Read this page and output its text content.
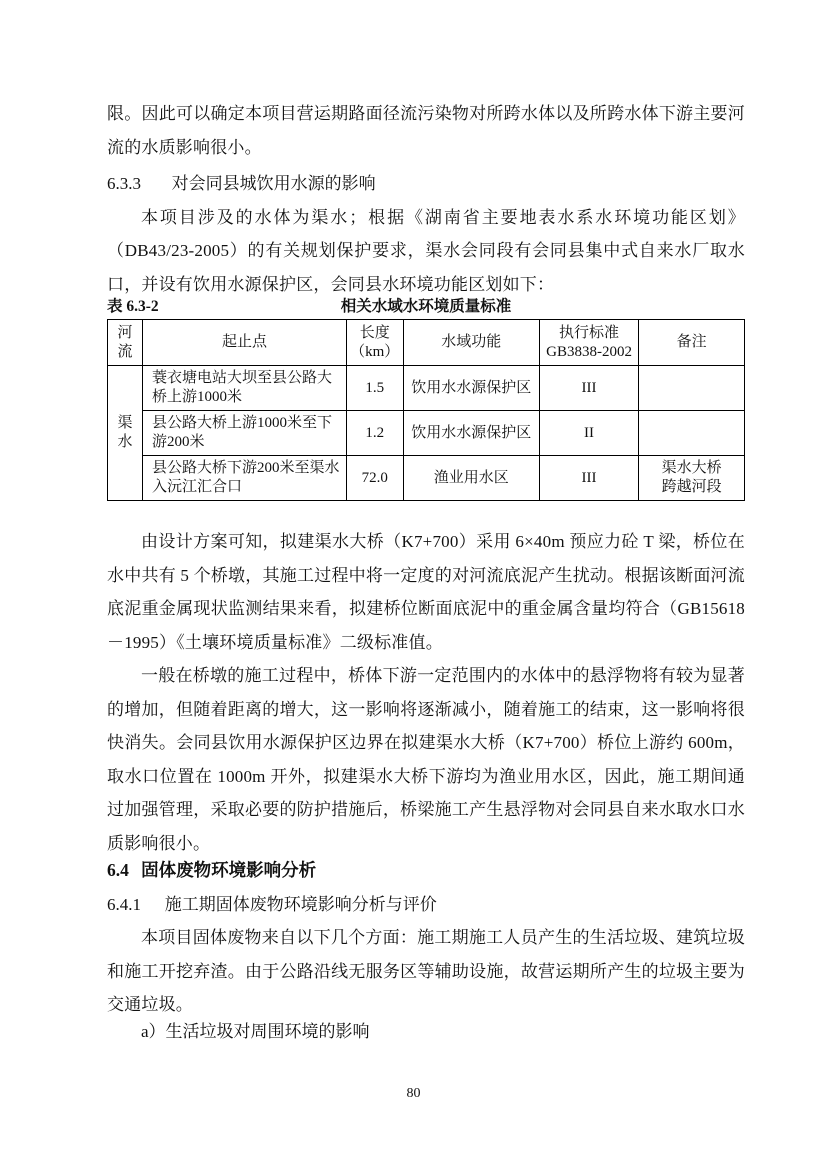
限。因此可以确定本项目营运期路面径流污染物对所跨水体以及所跨水体下游主要河流的水质影响很小。

6.3.3 对会同县城饮用水源的影响

本项目涉及的水体为渠水；根据《湖南省主要地表水系水环境功能区划》（DB43/23-2005）的有关规划保护要求，渠水会同段有会同县集中式自来水厂取水口，并设有饮用水源保护区，会同县水环境功能区划如下：

表 6.3-2	相关水域水环境质量标准
河流	起止点	长度（km）	水域功能	执行标准GB3838-2002	备注
渠水	蓑衣塘电站大坝至县公路大桥上游1000米	1.5	饮用水水源保护区	III	
	县公路大桥上游1000米至下游200米	1.2	饮用水水源保护区	II	
	县公路大桥下游200米至渠水入沅江汇合口	72.0	渔业用水区	III	渠水大桥跨越河段

由设计方案可知，拟建渠水大桥（K7+700）采用 6×40m 预应力砼 T 梁，桥位在水中共有 5 个桥墩，其施工过程中将一定度的对河流底泥产生扰动。根据该断面河流底泥重金属现状监测结果来看，拟建桥位断面底泥中的重金属含量均符合（GB15618－1995）《土壤环境质量标准》二级标准值。

一般在桥墩的施工过程中，桥体下游一定范围内的水体中的悬浮物将有较为显著的增加，但随着距离的增大，这一影响将逐渐减小，随着施工的结束，这一影响将很快消失。会同县饮用水源保护区边界在拟建渠水大桥（K7+700）桥位上游约 600m，取水口位置在 1000m 开外，拟建渠水大桥下游均为渔业用水区，因此，施工期间通过加强管理，采取必要的防护措施后，桥梁施工产生悬浮物对会同县自来水取水口水质影响很小。

6.4 固体废物环境影响分析
6.4.1 施工期固体废物环境影响分析与评价

本项目固体废物来自以下几个方面：施工期施工人员产生的生活垃圾、建筑垃圾和施工开挖弃渣。由于公路沿线无服务区等辅助设施，故营运期所产生的垃圾主要为交通垃圾。

a）生活垃圾对周围环境的影响
80
